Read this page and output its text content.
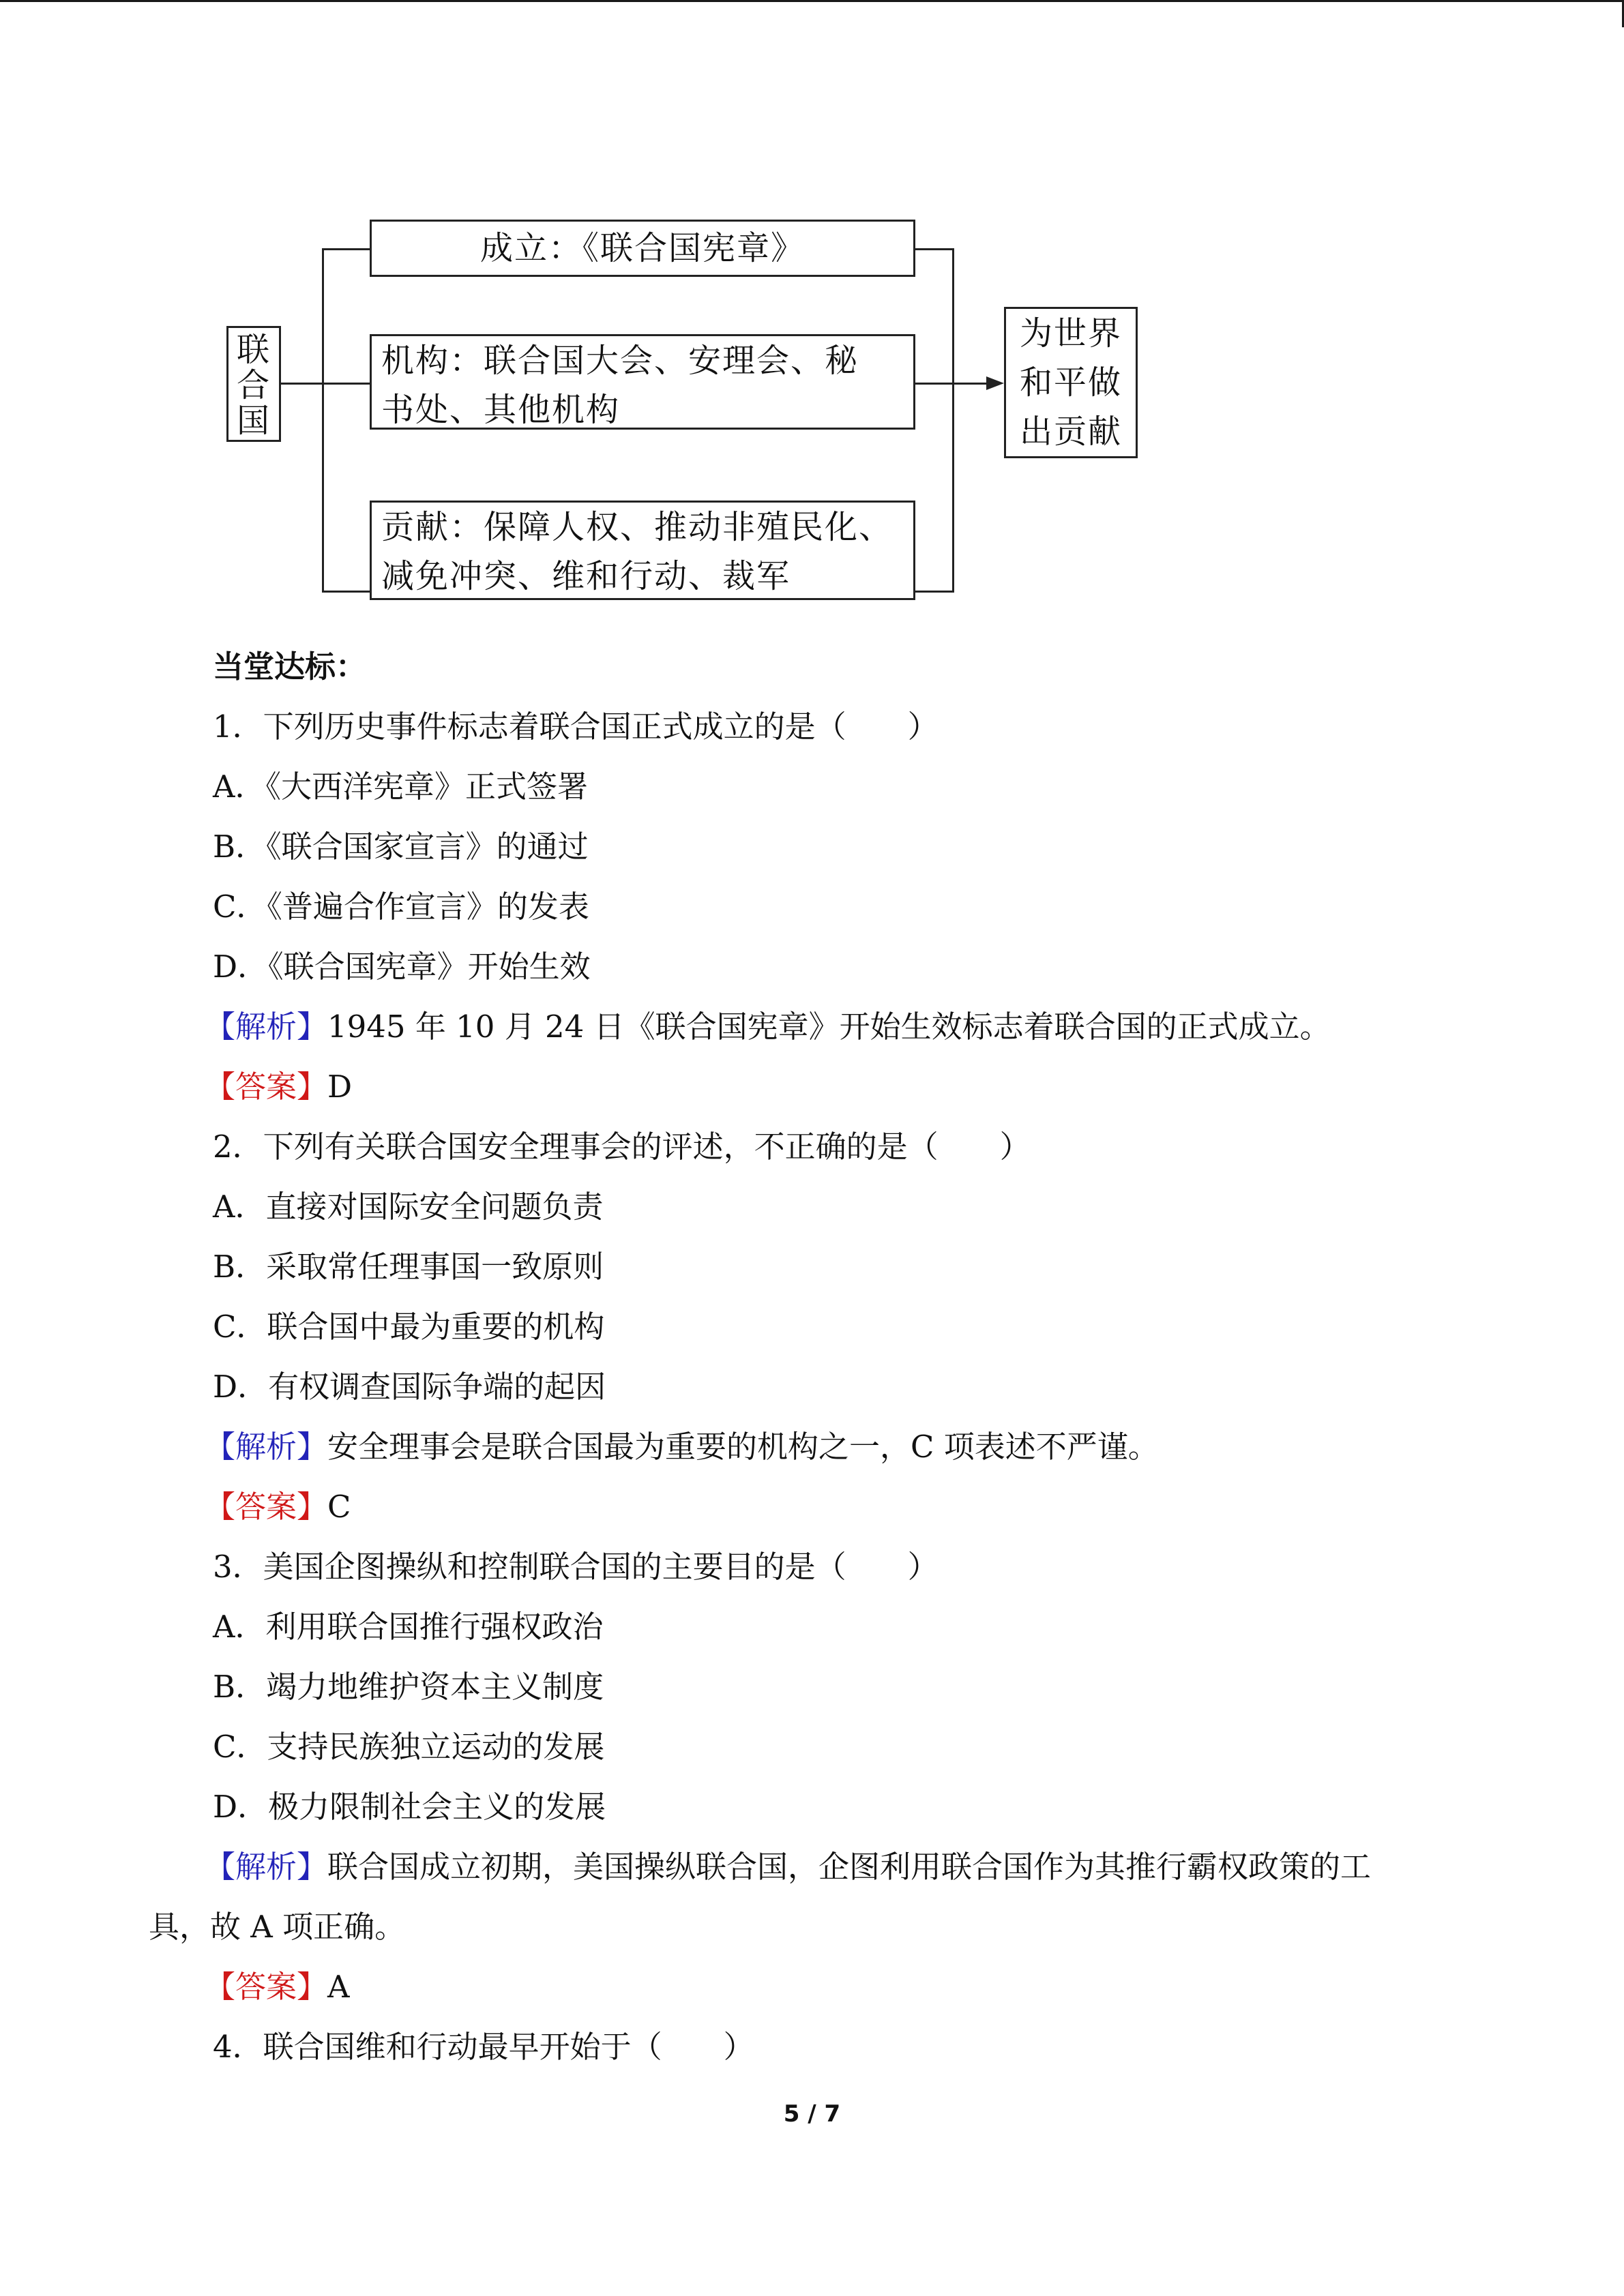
联
合
国
成立：《联合国宪章》
机构：联合国大会、安理会、秘
书处、其他机构
贡献：保障人权、推动非殖民化、
减免冲突、维和行动、裁军
为世界
和平做
出贡献
当堂达标：
1．下列历史事件标志着联合国正式成立的是（　　）
A．《大西洋宪章》正式签署
B．《联合国家宣言》的通过
C．《普遍合作宣言》的发表
D．《联合国宪章》开始生效
【解析】1945 年 10 月 24 日《联合国宪章》开始生效标志着联合国的正式成立。
【答案】D
2．下列有关联合国安全理事会的评述，不正确的是（　　）
A．直接对国际安全问题负责
B．采取常任理事国一致原则
C．联合国中最为重要的机构
D．有权调查国际争端的起因
【解析】安全理事会是联合国最为重要的机构之一，C 项表述不严谨。
【答案】C
3．美国企图操纵和控制联合国的主要目的是（　　）
A．利用联合国推行强权政治
B．竭力地维护资本主义制度
C．支持民族独立运动的发展
D．极力限制社会主义的发展
【解析】联合国成立初期，美国操纵联合国，企图利用联合国作为其推行霸权政策的工
具，故 A 项正确。
【答案】A
4．联合国维和行动最早开始于（　　）
5 / 7
